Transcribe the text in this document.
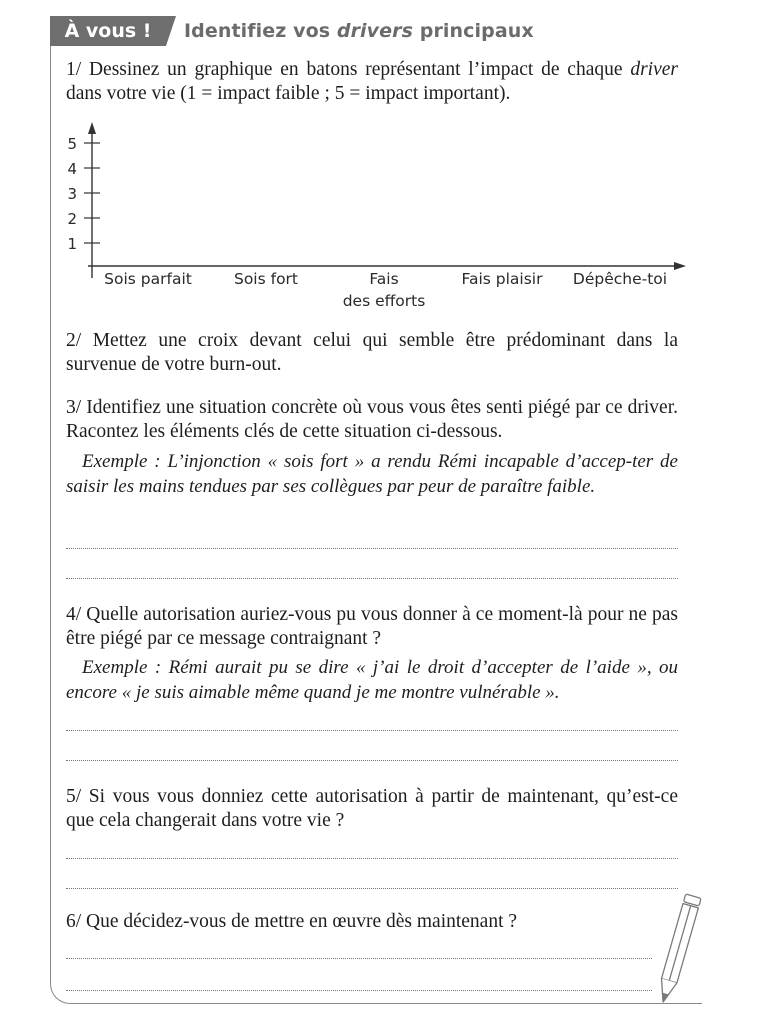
À vous !	Identifiez vos drivers principaux
1/ Dessinez un graphique en batons représentant l’impact de chaque driver dans votre vie (1 = impact faible ; 5 = impact important).
1
2
3
4
5
Sois parfait	Sois fort	Fais
des efforts
Fais plaisir Dépêche-toi
2/ Mettez une croix devant celui qui semble être prédominant dans la survenue de votre burn-out.
3/ Identifiez une situation concrète où vous vous êtes senti piégé par ce driver. Racontez les éléments clés de cette situation ci-dessous.
Exemple : L’injonction « sois fort » a rendu Rémi incapable d’accep-ter de saisir les mains tendues par ses collègues par peur de paraître faible.
4/ Quelle autorisation auriez-vous pu vous donner à ce moment-là pour ne pas être piégé par ce message contraignant ?
Exemple : Rémi aurait pu se dire « j’ai le droit d’accepter de l’aide », ou encore « je suis aimable même quand je me montre vulnérable ».
5/ Si vous vous donniez cette autorisation à partir de maintenant, qu’est-ce que cela changerait dans votre vie ?
6/ Que décidez-vous de mettre en œuvre dès maintenant ?
